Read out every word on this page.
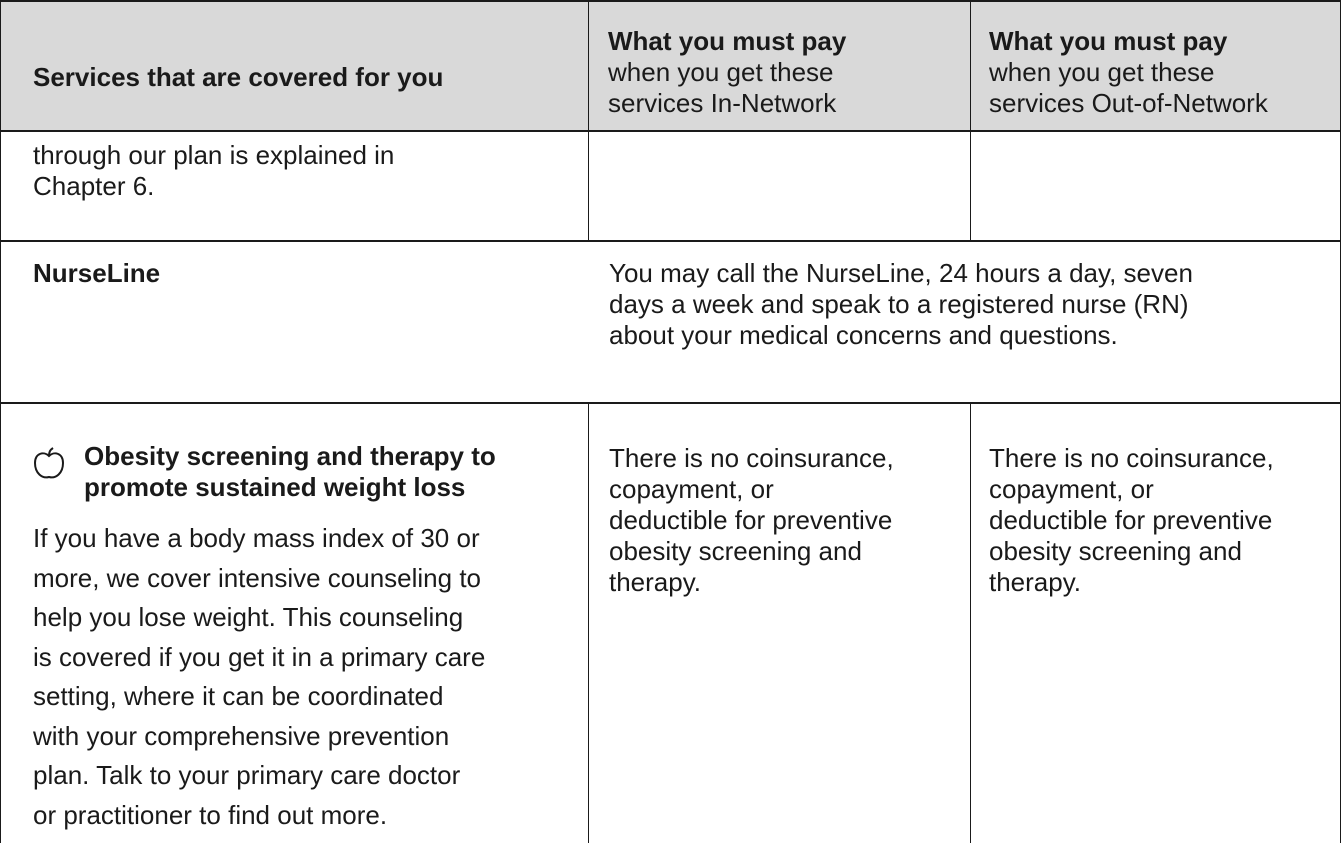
Services that are covered for you
What you must pay
when you get these
services In-Network
What you must pay
when you get these
services Out-of-Network
through our plan is explained in
Chapter 6.
NurseLine	You may call the NurseLine, 24 hours a day, seven
days a week and speak to a registered nurse (RN)
about your medical concerns and questions.
Obesity screening and therapy to
promote sustained weight loss
If you have a body mass index of 30 or
more, we cover intensive counseling to
help you lose weight. This counseling
is covered if you get it in a primary care
setting, where it can be coordinated
with your comprehensive prevention
plan. Talk to your primary care doctor
or practitioner to find out more.
There is no coinsurance,
copayment, or
deductible for preventive
obesity screening and
therapy.
There is no coinsurance,
copayment, or
deductible for preventive
obesity screening and
therapy.
